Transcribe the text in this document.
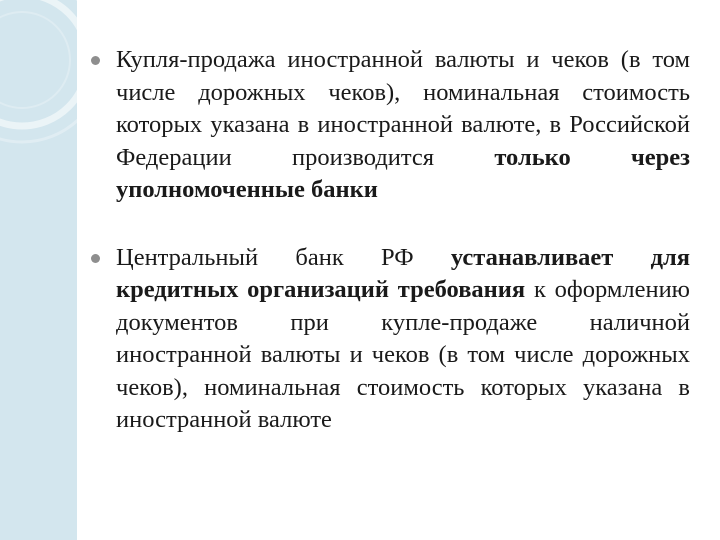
Купля-продажа иностранной валюты и чеков (в том числе дорожных чеков), номинальная стоимость которых указана в иностранной валюте, в Российской Федерации производится только через уполномоченные банки
Центральный банк РФ устанавливает для кредитных организаций требования к оформлению документов при купле-продаже наличной иностранной валюты и чеков (в том числе дорожных чеков), номинальная стоимость которых указана в иностранной валюте
